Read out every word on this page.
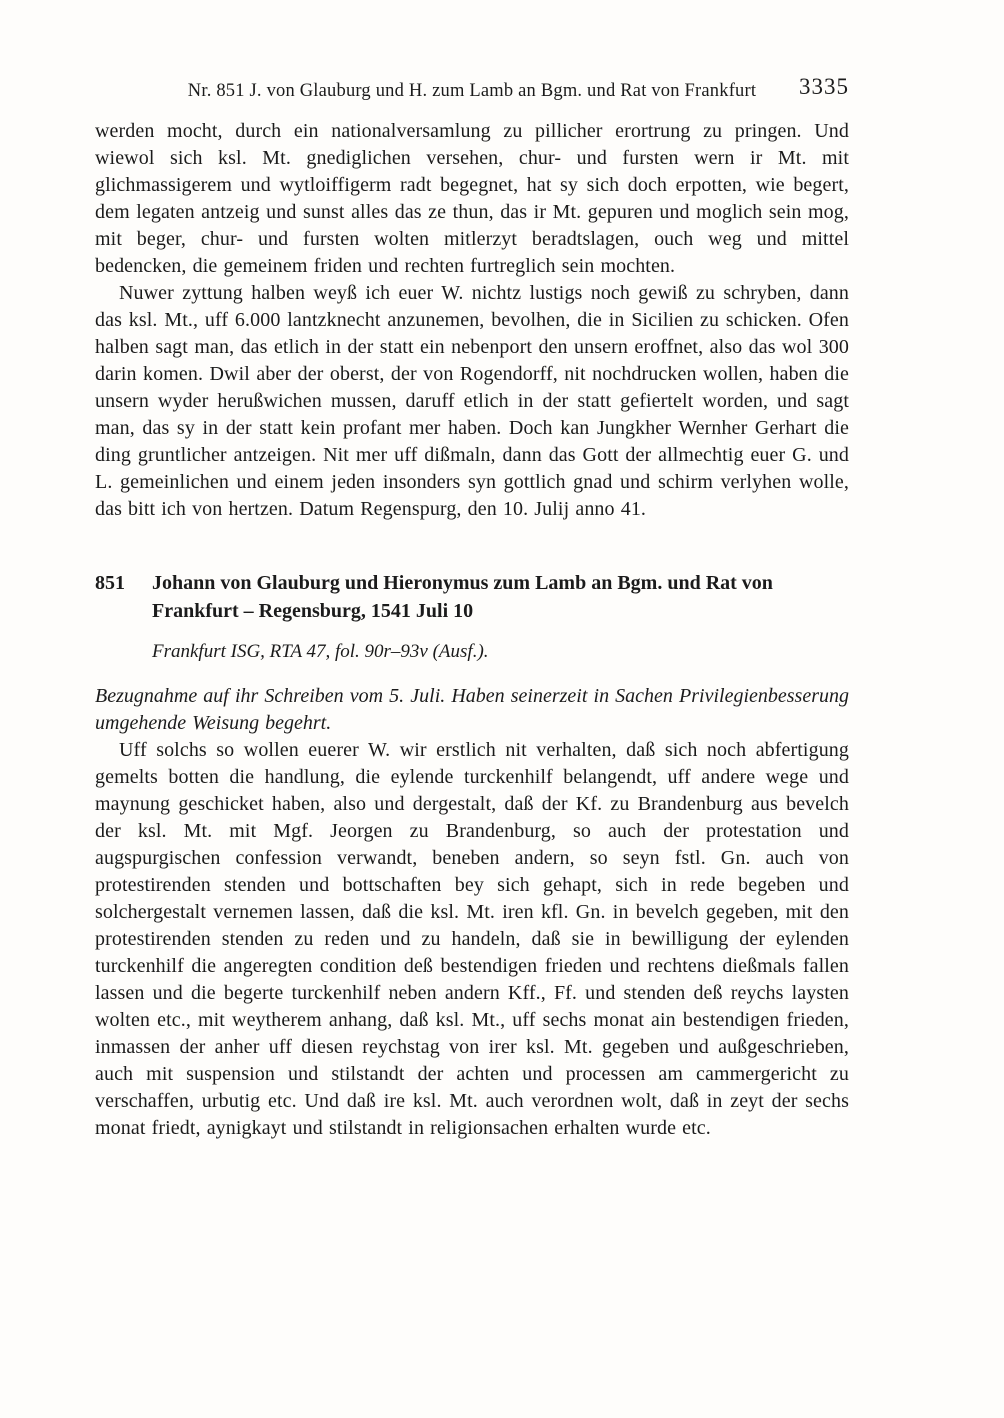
Nr. 851 J. von Glauburg und H. zum Lamb an Bgm. und Rat von Frankfurt	3335

werden mocht, durch ein nationalversamlung zu pillicher erortrung zu pringen. Und wiewol sich ksl. Mt. gnediglichen versehen, chur- und fursten wern ir Mt. mit glichmassigerem und wytloiffigerm radt begegnet, hat sy sich doch erpotten, wie begert, dem legaten antzeig und sunst alles das ze thun, das ir Mt. gepuren und moglich sein mog, mit beger, chur- und fursten wolten mitlerzyt beradtslagen, ouch weg und mittel bedencken, die gemeinem friden und rechten furtreglich sein mochten.

Nuwer zyttung halben weyß ich euer W. nichtz lustigs noch gewiß zu schryben, dann das ksl. Mt., uff 6.000 lantzknecht anzunemen, bevolhen, die in Sicilien zu schicken. Ofen halben sagt man, das etlich in der statt ein nebenport den unsern eroffnet, also das wol 300 darin komen. Dwil aber der oberst, der von Rogendorff, nit nochdrucken wollen, haben die unsern wyder herußwichen mussen, daruff etlich in der statt gefiertelt worden, und sagt man, das sy in der statt kein profant mer haben. Doch kan Jungkher Wernher Gerhart die ding gruntlicher antzeigen. Nit mer uff dißmaln, dann das Gott der allmechtig euer G. und L. gemeinlichen und einem jeden insonders syn gottlich gnad und schirm verlyhen wolle, das bitt ich von hertzen. Datum Regenspurg, den 10. Julij anno 41.

851	Johann von Glauburg und Hieronymus zum Lamb an Bgm. und Rat von Frankfurt – Regensburg, 1541 Juli 10

Frankfurt ISG, RTA 47, fol. 90r–93v (Ausf.).

Bezugnahme auf ihr Schreiben vom 5. Juli. Haben seinerzeit in Sachen Privilegienbesserung umgehende Weisung begehrt.

Uff solchs so wollen euerer W. wir erstlich nit verhalten, daß sich noch abfertigung gemelts botten die handlung, die eylende turckenhilf belangendt, uff andere wege und maynung geschicket haben, also und dergestalt, daß der Kf. zu Brandenburg aus bevelch der ksl. Mt. mit Mgf. Jeorgen zu Brandenburg, so auch der protestation und augspurgischen confession verwandt, beneben andern, so seyn fstl. Gn. auch von protestirenden stenden und bottschaften bey sich gehapt, sich in rede begeben und solchergestalt vernemen lassen, daß die ksl. Mt. iren kfl. Gn. in bevelch gegeben, mit den protestirenden stenden zu reden und zu handeln, daß sie in bewilligung der eylenden turckenhilf die angeregten condition deß bestendigen frieden und rechtens dießmals fallen lassen und die begerte turckenhilf neben andern Kff., Ff. und stenden deß reychs laysten wolten etc., mit weytherem anhang, daß ksl. Mt., uff sechs monat ain bestendigen frieden, inmassen der anher uff diesen reychstag von irer ksl. Mt. gegeben und außgeschrieben, auch mit suspension und stilstandt der achten und processen am cammergericht zu verschaffen, urbutig etc. Und daß ire ksl. Mt. auch verordnen wolt, daß in zeyt der sechs monat friedt, aynigkayt und stilstandt in religionsachen erhalten wurde etc.
